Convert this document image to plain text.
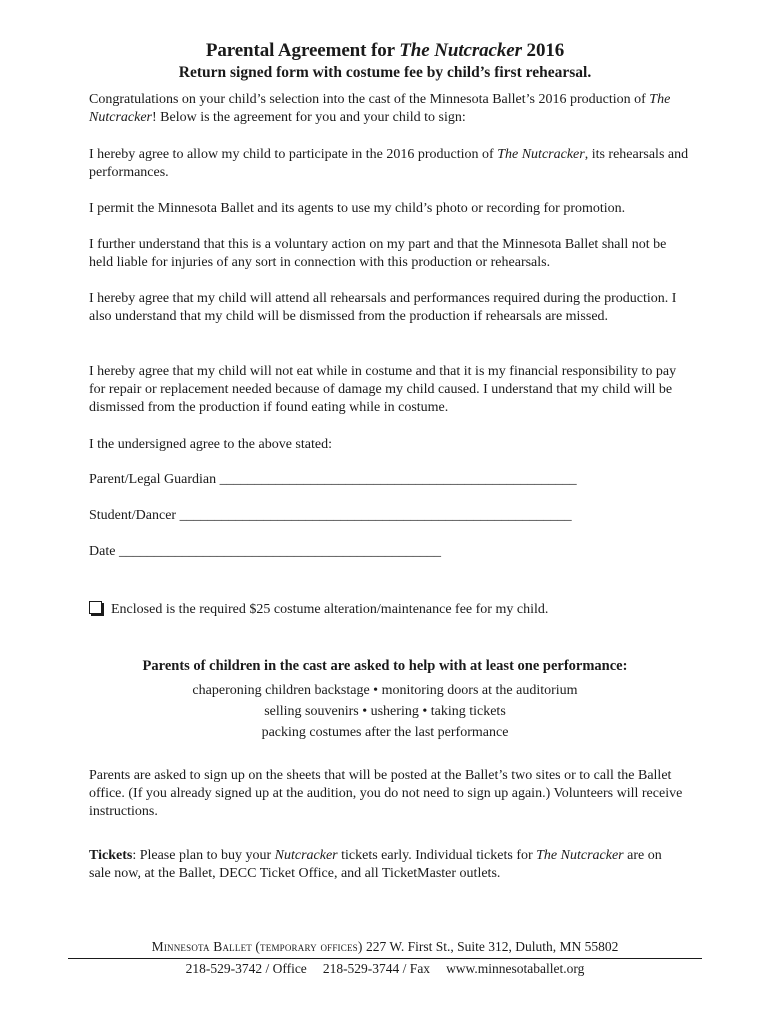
Parental Agreement for The Nutcracker 2016
Return signed form with costume fee by child’s first rehearsal.

Congratulations on your child’s selection into the cast of the Minnesota Ballet’s 2016 production of The Nutcracker! Below is the agreement for you and your child to sign:

I hereby agree to allow my child to participate in the 2016 production of The Nutcracker, its rehearsals and performances.

I permit the Minnesota Ballet and its agents to use my child’s photo or recording for promotion.
I further understand that this is a voluntary action on my part and that the Minnesota Ballet shall not be held liable for injuries of any sort in connection with this production or rehearsals.
I hereby agree that my child will attend all rehearsals and performances required during the production. I also understand that my child will be dismissed from the production if rehearsals are missed.
I hereby agree that my child will not eat while in costume and that it is my financial responsibility to pay for repair or replacement needed because of damage my child caused. I understand that my child will be dismissed from the production if found eating while in costume.
I the undersigned agree to the above stated:
Parent/Legal Guardian ___________________________________________________
Student/Dancer ________________________________________________________
Date ______________________________________________
Enclosed is the required $25 costume alteration/maintenance fee for my child.
Parents of children in the cast are asked to help with at least one performance:
chaperoning children backstage • monitoring doors at the auditorium
selling souvenirs • ushering • taking tickets
packing costumes after the last performance
Parents are asked to sign up on the sheets that will be posted at the Ballet’s two sites or to call the Ballet office. (If you already signed up at the audition, you do not need to sign up again.) Volunteers will receive instructions.

Tickets: Please plan to buy your Nutcracker tickets early. Individual tickets for The Nutcracker are on sale now, at the Ballet, DECC Ticket Office, and all TicketMaster outlets.

Minnesota Ballet (temporary offices) 227 W. First St., Suite 312, Duluth, MN 55802
218-529-3742 / Office 218-529-3744 / Fax www.minnesotaballet.org
